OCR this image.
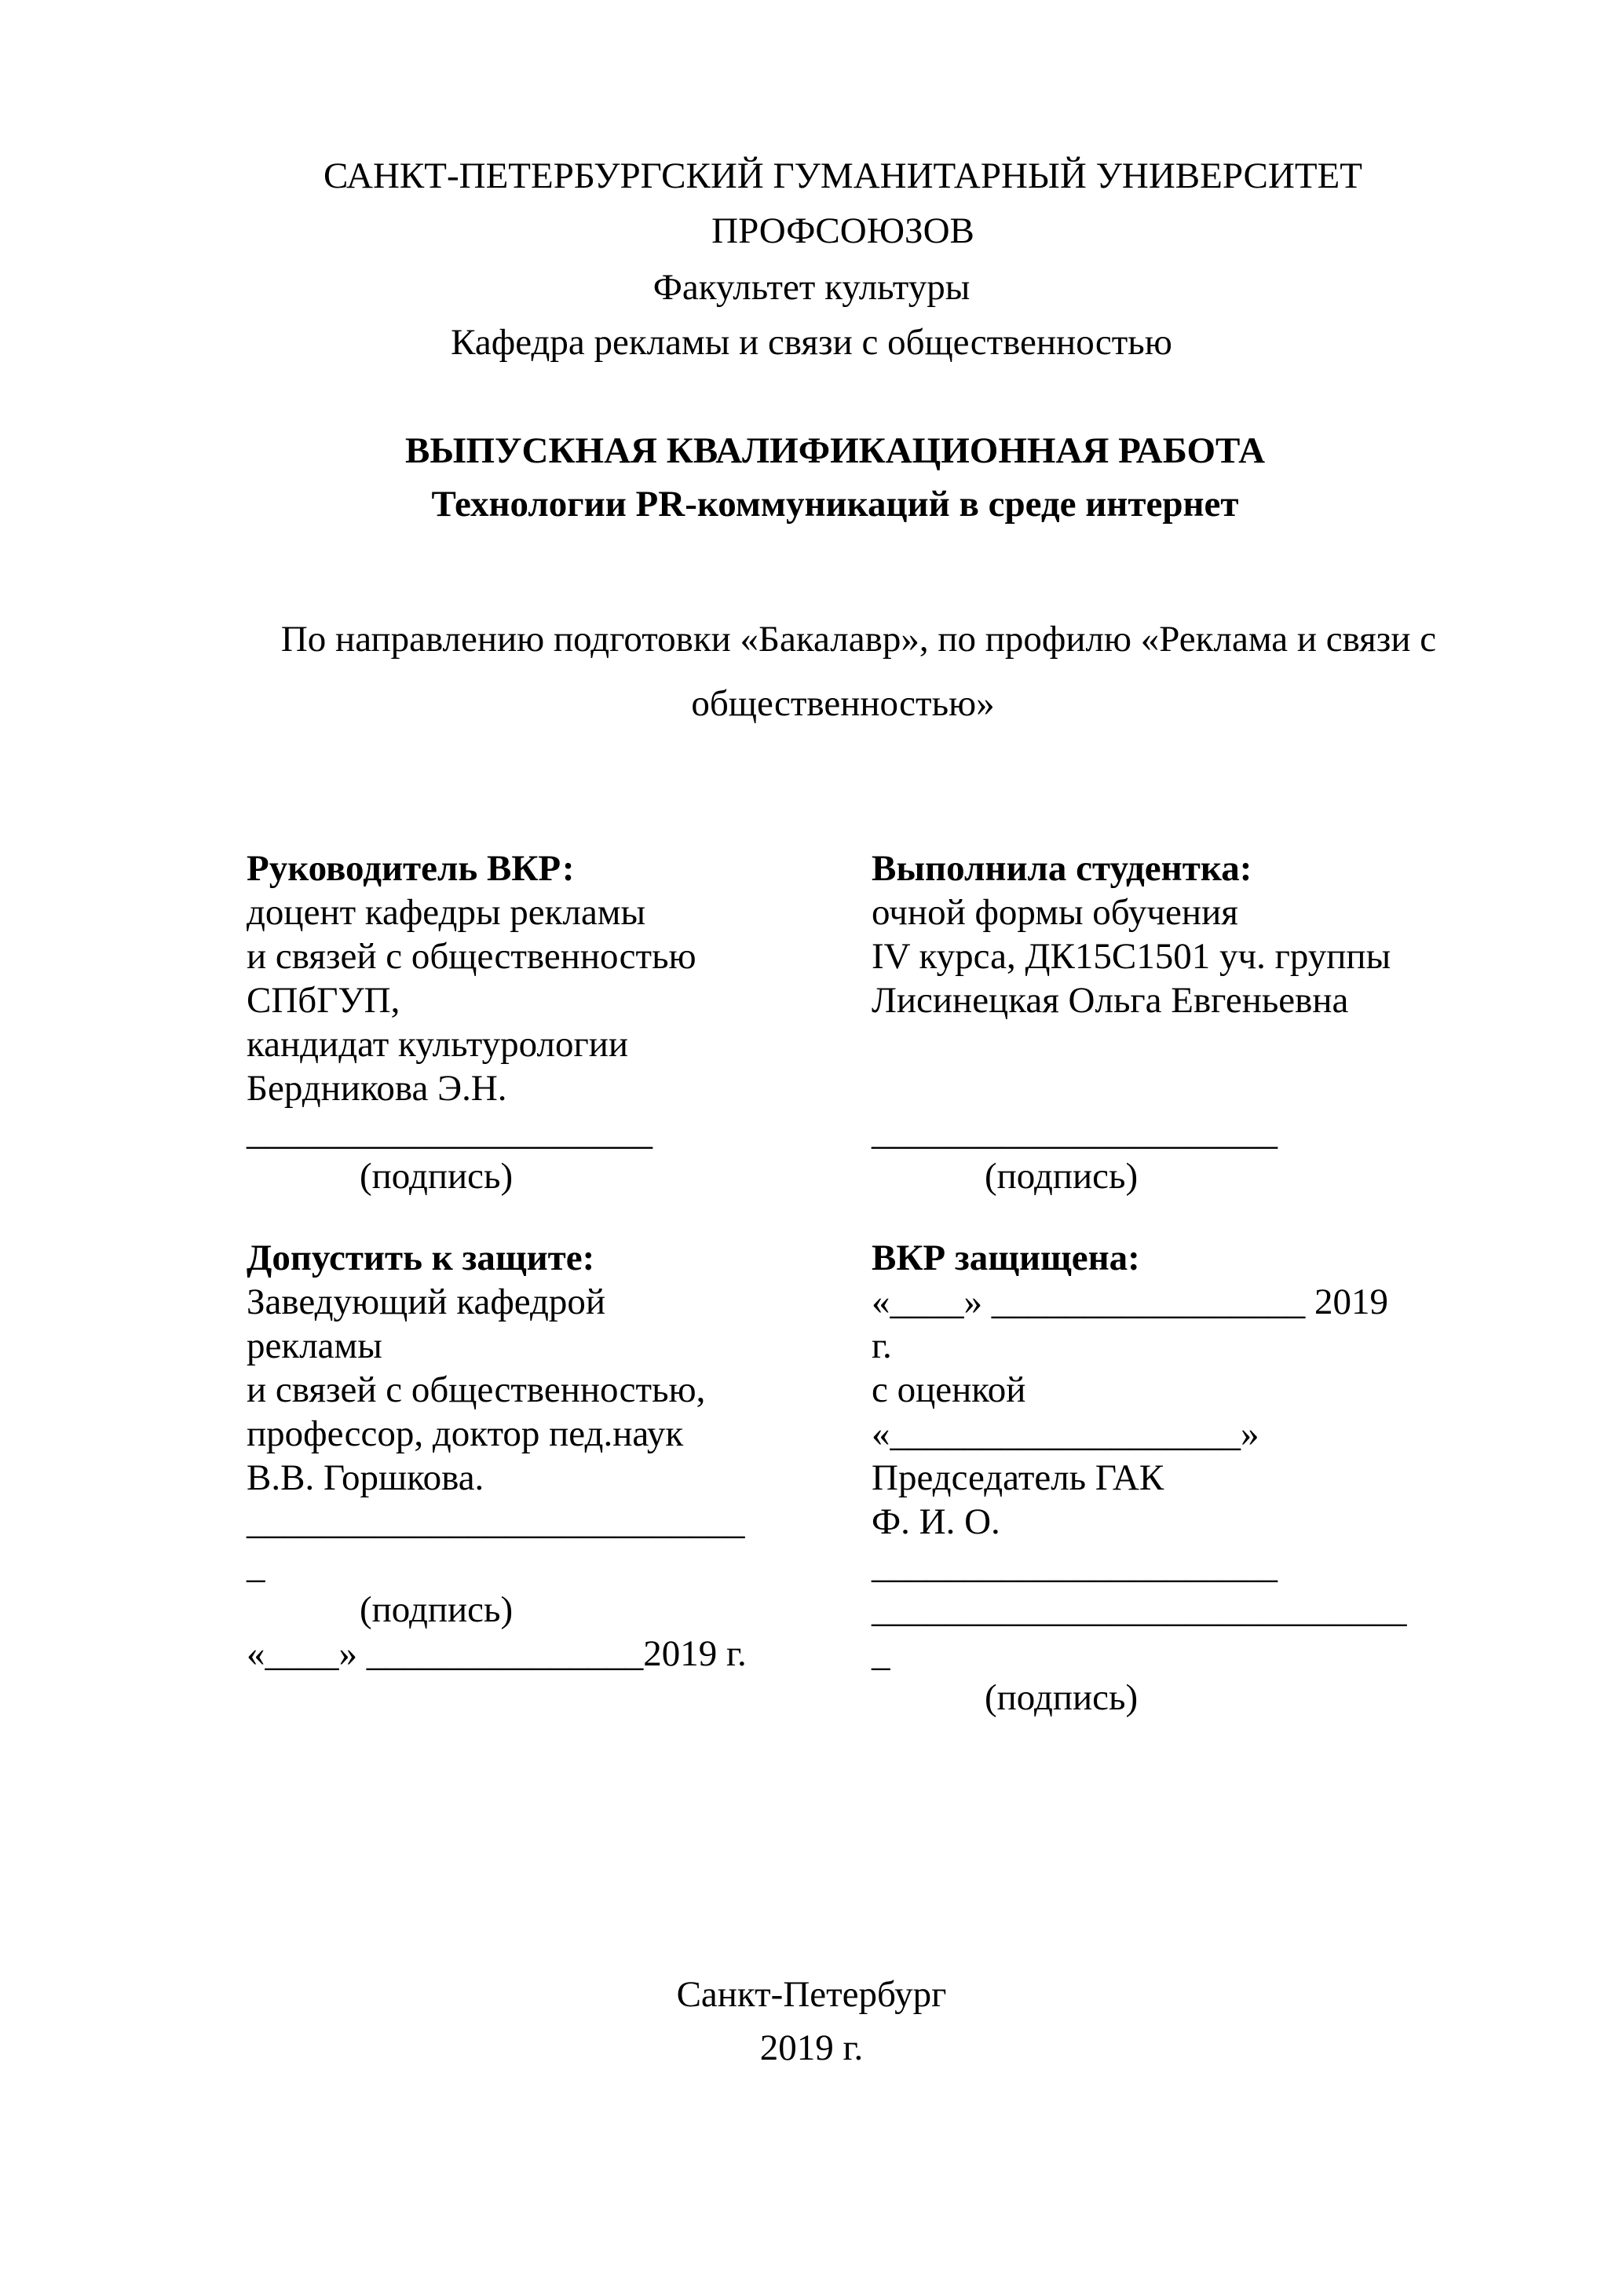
САНКТ-ПЕТЕРБУРГСКИЙ ГУМАНИТАРНЫЙ УНИВЕРСИТЕТ
ПРОФСОЮЗОВ
Факультет культуры
Кафедра рекламы и связи с общественностью
ВЫПУСКНАЯ КВАЛИФИКАЦИОННАЯ РАБОТА
Технологии PR-коммуникаций в среде интернет
По направлению подготовки «Бакалавр», по профилю «Реклама и связи с
общественностью»
Руководитель ВКР:
доцент кафедры рекламы
и связей с общественностью
СПбГУП,
кандидат культурологии
Бердникова Э.Н.
______________________
(подпись)
Выполнила студентка:
очной формы обучения
IV курса, ДК15С1501 уч. группы
Лисинецкая Ольга Евгеньевна
______________________
(подпись)
Допустить к защите:
Заведующий кафедрой
рекламы
и связей с общественностью,
профессор, доктор пед.наук
В.В. Горшкова.
___________________________
_
(подпись)
«____» _______________2019 г.
ВКР защищена:
«____» _________________ 2019
г.
с оценкой
«___________________»
Председатель ГАК
Ф. И. О.
______________________
_____________________________
_
(подпись)
Санкт-Петербург
2019 г.
